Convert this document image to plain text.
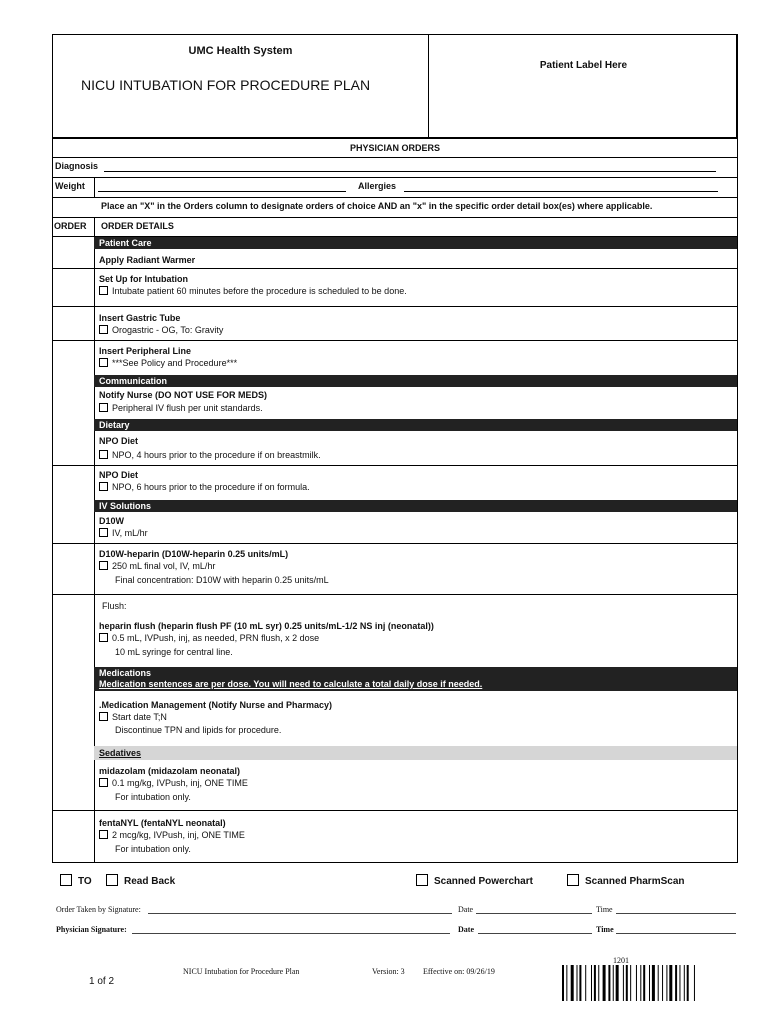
UMC Health System
NICU INTUBATION FOR PROCEDURE PLAN
Patient Label Here
PHYSICIAN ORDERS
Diagnosis
Weight	Allergies
Place an "X" in the Orders column to designate orders of choice AND an "x" in the specific order detail box(es) where applicable.
ORDER ORDER DETAILS
Patient Care
Apply Radiant Warmer
Set Up for Intubation
Intubate patient 60 minutes before the procedure is scheduled to be done.
Insert Gastric Tube
Orogastric - OG, To: Gravity
Insert Peripheral Line
***See Policy and Procedure***
Communication
Notify Nurse (DO NOT USE FOR MEDS)
Peripheral IV flush per unit standards.
Dietary
NPO Diet
NPO, 4 hours prior to the procedure if on breastmilk.
NPO Diet
NPO, 6 hours prior to the procedure if on formula.
IV Solutions
D10W
IV, mL/hr
D10W-heparin (D10W-heparin 0.25 units/mL)
250 mL final vol, IV, mL/hr
Final concentration: D10W with heparin 0.25 units/mL
Flush:
heparin flush (heparin flush PF (10 mL syr) 0.25 units/mL-1/2 NS inj (neonatal))
0.5 mL, IVPush, inj, as needed, PRN flush, x 2 dose
10 mL syringe for central line.
Medications
Medication sentences are per dose. You will need to calculate a total daily dose if needed.
.Medication Management (Notify Nurse and Pharmacy)
Start date T;N
Discontinue TPN and lipids for procedure.
Sedatives
midazolam (midazolam neonatal)
0.1 mg/kg, IVPush, inj, ONE TIME
For intubation only.
fentaNYL (fentaNYL neonatal)
2 mcg/kg, IVPush, inj, ONE TIME
For intubation only.
TO	Read Back	Scanned Powerchart	Scanned PharmScan
Order Taken by Signature:	Date	Time
Physician Signature:	Date	Time
NICU Intubation for Procedure Plan	Version: 3 Effective on: 09/26/19
1 of 2
1201
